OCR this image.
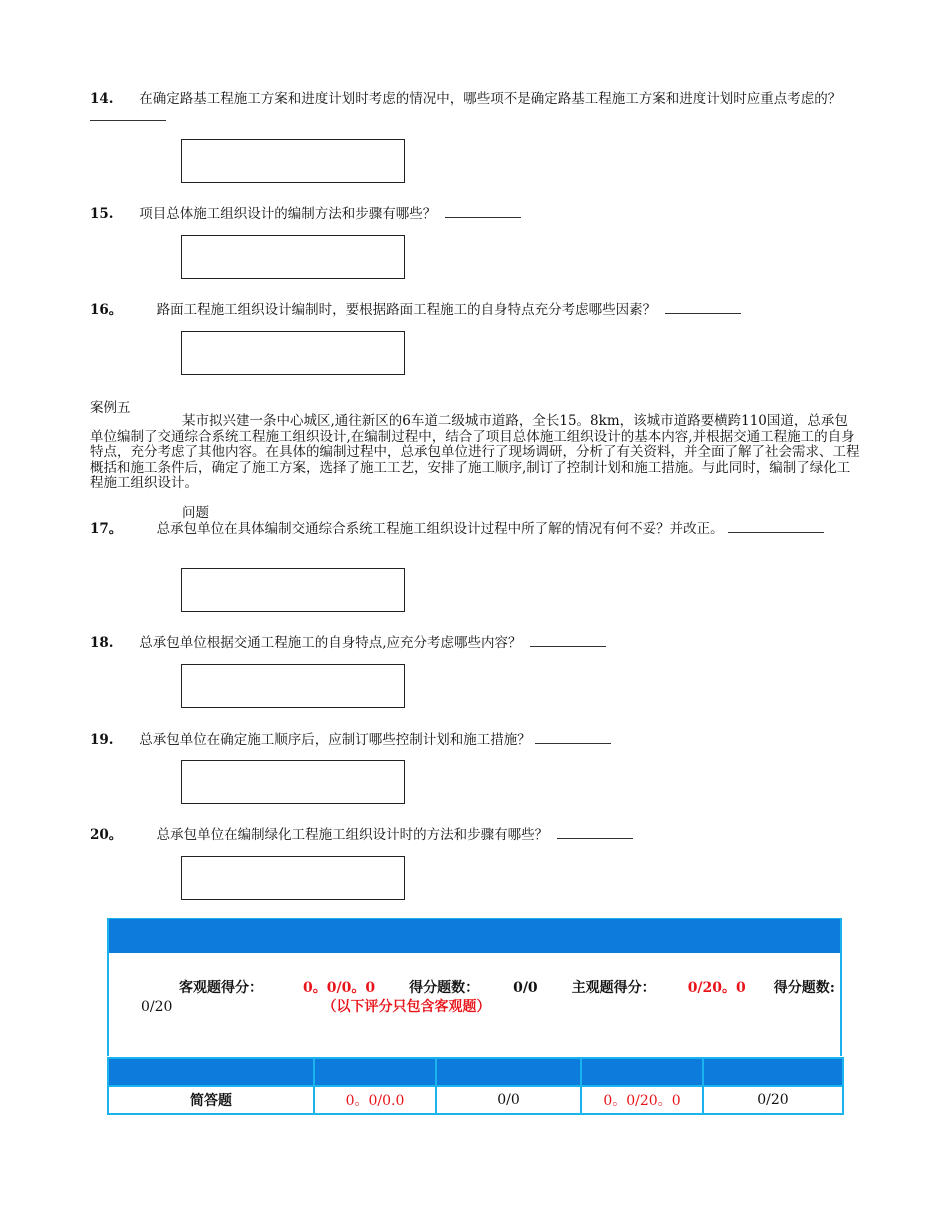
14. 在确定路基工程施工方案和进度计划时考虑的情况中，哪些项不是确定路基工程施工方案和进度计划时应重点考虑的？
15. 项目总体施工组织设计的编制方法和步骤有哪些？
16。	路面工程施工组织设计编制时，要根据路面工程施工的自身特点充分考虑哪些因素？
案例五
某市拟兴建一条中心城区,通往新区的6车道二级城市道路，全长15。8km，该城市道路要横跨110国道，总承包单位编制了交通综合系统工程施工组织设计,在编制过程中，结合了项目总体施工组织设计的基本内容,并根据交通工程施工的自身特点，充分考虑了其他内容。在具体的编制过程中，总承包单位进行了现场调研，分析了有关资料，并全面了解了社会需求、工程概括和施工条件后，确定了施工方案，选择了施工工艺，安排了施工顺序,制订了控制计划和施工措施。与此同时，编制了绿化工程施工组织设计。
问题
17。	总承包单位在具体编制交通综合系统工程施工组织设计过程中所了解的情况有何不妥？并改正。
18. 总承包单位根据交通工程施工的自身特点,应充分考虑哪些内容？
19. 总承包单位在确定施工顺序后，应制订哪些控制计划和施工措施？
20。	总承包单位在编制绿化工程施工组织设计时的方法和步骤有哪些？
客观题得分：	0。0/0。0 得分题数： 0/0 主观题得分： 0/20。0 得分题数:0/20	（以下评分只包含客观题）

简答题	0。0/0.0	0/0	0。0/20。0	0/20
